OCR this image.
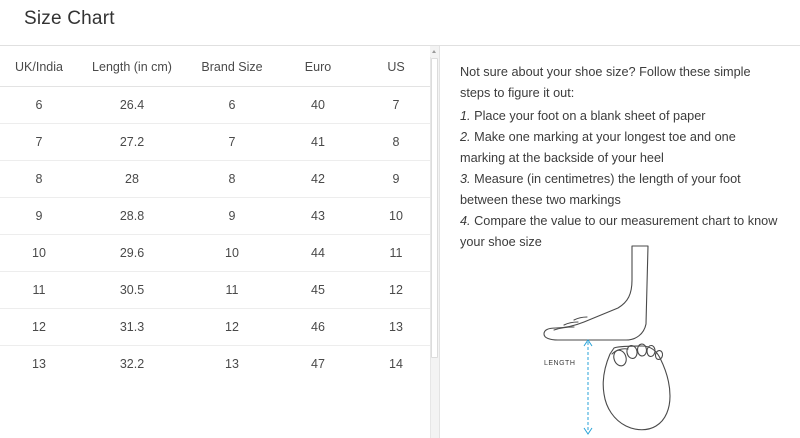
Size Chart
UK/India	Length (in cm)	Brand Size	Euro	US
6	26.4	6	40	7
7	27.2	7	41	8
8	28	8	42	9
9	28.8	9	43	10
10	29.6	10	44	11
11	30.5	11	45	12
12	31.3	12	46	13
13	32.2	13	47	14
Not sure about your shoe size? Follow these simple steps to figure it out:
1. Place your foot on a blank sheet of paper
2. Make one marking at your longest toe and one marking at the backside of your heel
3. Measure (in centimetres) the length of your foot between these two markings
4. Compare the value to our measurement chart to know your shoe size
LENGTH
